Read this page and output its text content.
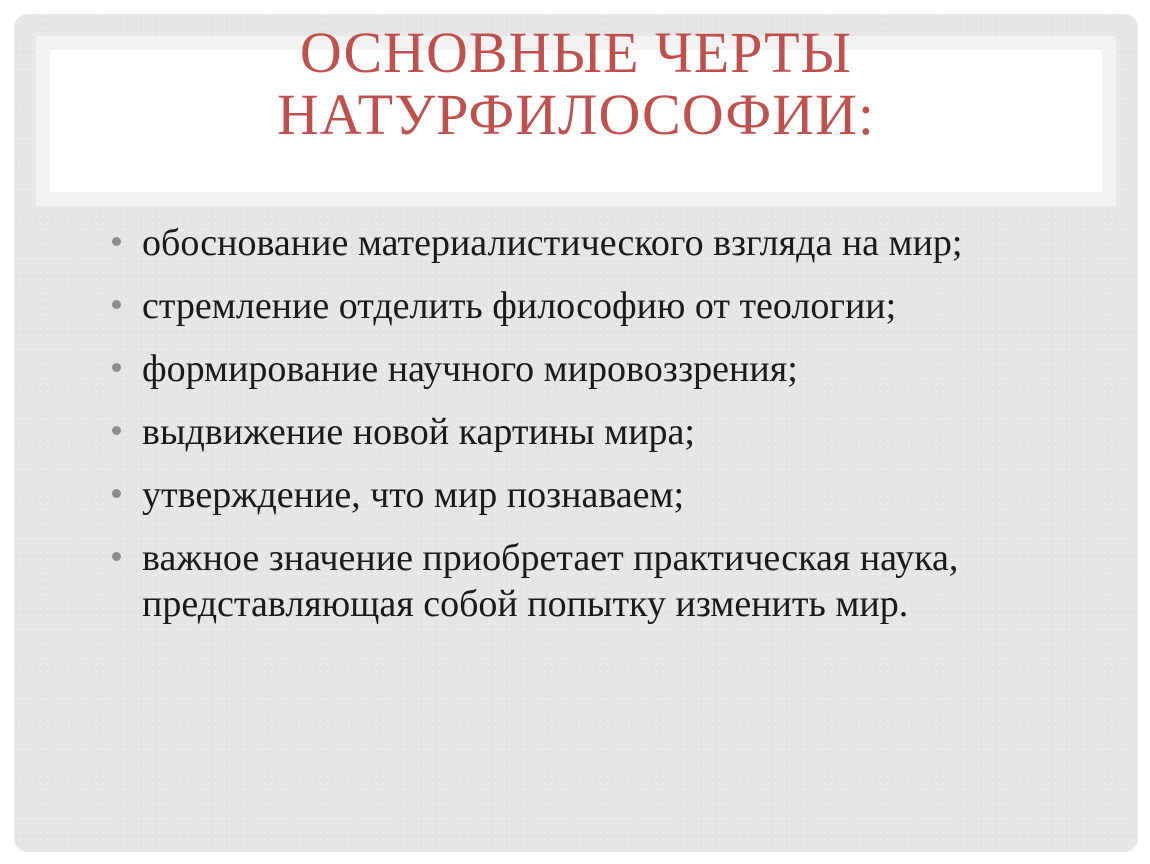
ОСНОВНЫЕ ЧЕРТЫ
НАТУРФИЛОСОФИИ:
обоснование материалистического взгляда на мир;
стремление отделить философию от теологии;
формирование научного мировоззрения;
выдвижение новой картины мира;
утверждение, что мир познаваем;
важное значение приобретает практическая наука, представляющая собой попытку изменить мир.
